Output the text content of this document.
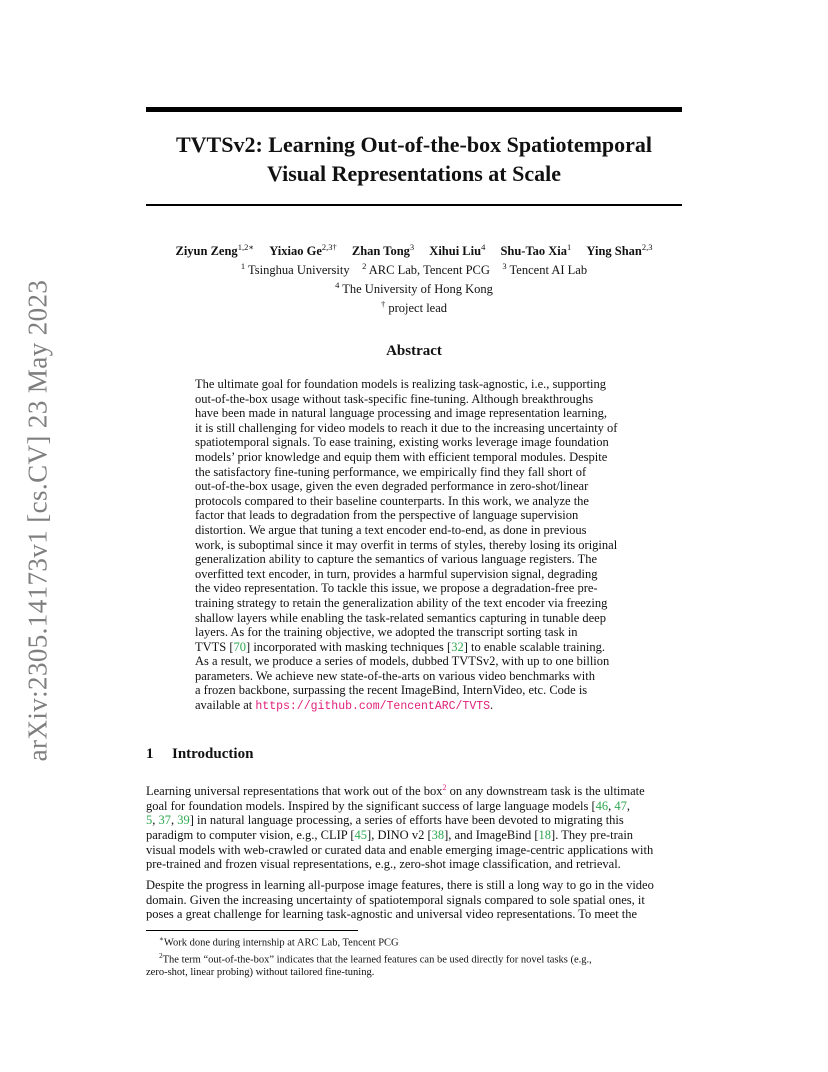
arXiv:2305.14173v1 [cs.CV] 23 May 2023
TVTSv2: Learning Out-of-the-box Spatiotemporal
Visual Representations at Scale
Ziyun Zeng$^{1,2∗}$ Yixiao $Ge^{2,3\dagger}$ Zhan Tong$^3$ Xihui Liu$^4$ Shu-Tao Xia$^1$ Ying Shan$^{2,3}$
$^1$ Tsinghua University $^2$ ARC Lab, Tencent PCG $^3$ Tencent AI Lab
$^4$ The University of Hong Kong
† project lead
Abstract
The ultimate goal for foundation models is realizing task-agnostic, i.e., supporting
out-of-the-box usage without task-specific fine-tuning. Although breakthroughs
have been made in natural language processing and image representation learning,
it is still challenging for video models to reach it due to the increasing uncertainty of
spatiotemporal signals. To ease training, existing works leverage image foundation
models’ prior knowledge and equip them with efficient temporal modules. Despite
the satisfactory fine-tuning performance, we empirically find they fall short of
out-of-the-box usage, given the even degraded performance in zero-shot/linear
protocols compared to their baseline counterparts. In this work, we analyze the
factor that leads to degradation from the perspective of language supervision
distortion. We argue that tuning a text encoder end-to-end, as done in previous
work, is suboptimal since it may overfit in terms of styles, thereby losing its original
generalization ability to capture the semantics of various language registers. The
overfitted text encoder, in turn, provides a harmful supervision signal, degrading
the video representation. To tackle this issue, we propose a degradation-free pre-
training strategy to retain the generalization ability of the text encoder via freezing
shallow layers while enabling the task-related semantics capturing in tunable deep
layers. As for the training objective, we adopted the transcript sorting task in
TVTS [70] incorporated with masking techniques [32] to enable scalable training.
As a result, we produce a series of models, dubbed TVTSv2, with up to one billion
parameters. We achieve new state-of-the-arts on various video benchmarks with
a frozen backbone, surpassing the recent ImageBind, InternVideo, etc. Code is
available at https://github.com/TencentARC/TVTS.
1 Introduction
Learning universal representations that work out of the box$^2$ on any downstream task is the ultimate
goal for foundation models. Inspired by the significant success of large language models [46, 47,
5, 37, 39] in natural language processing, a series of efforts have been devoted to migrating this
paradigm to computer vision, e.g., CLIP [45], DINO v2 [38], and ImageBind [18]. They pre-train
visual models with web-crawled or curated data and enable emerging image-centric applications with
pre-trained and frozen visual representations, e.g., zero-shot image classification, and retrieval.
Despite the progress in learning all-purpose image features, there is still a long way to go in the video
domain. Given the increasing uncertainty of spatiotemporal signals compared to sole spatial ones, it
poses a great challenge for learning task-agnostic and universal video representations. To meet the
∗Work done during internship at ARC Lab, Tencent PCG
$^2$The term “out-of-the-box” indicates that the learned features can be used directly for novel tasks (e.g.,
zero-shot, linear probing) without tailored fine-tuning.
